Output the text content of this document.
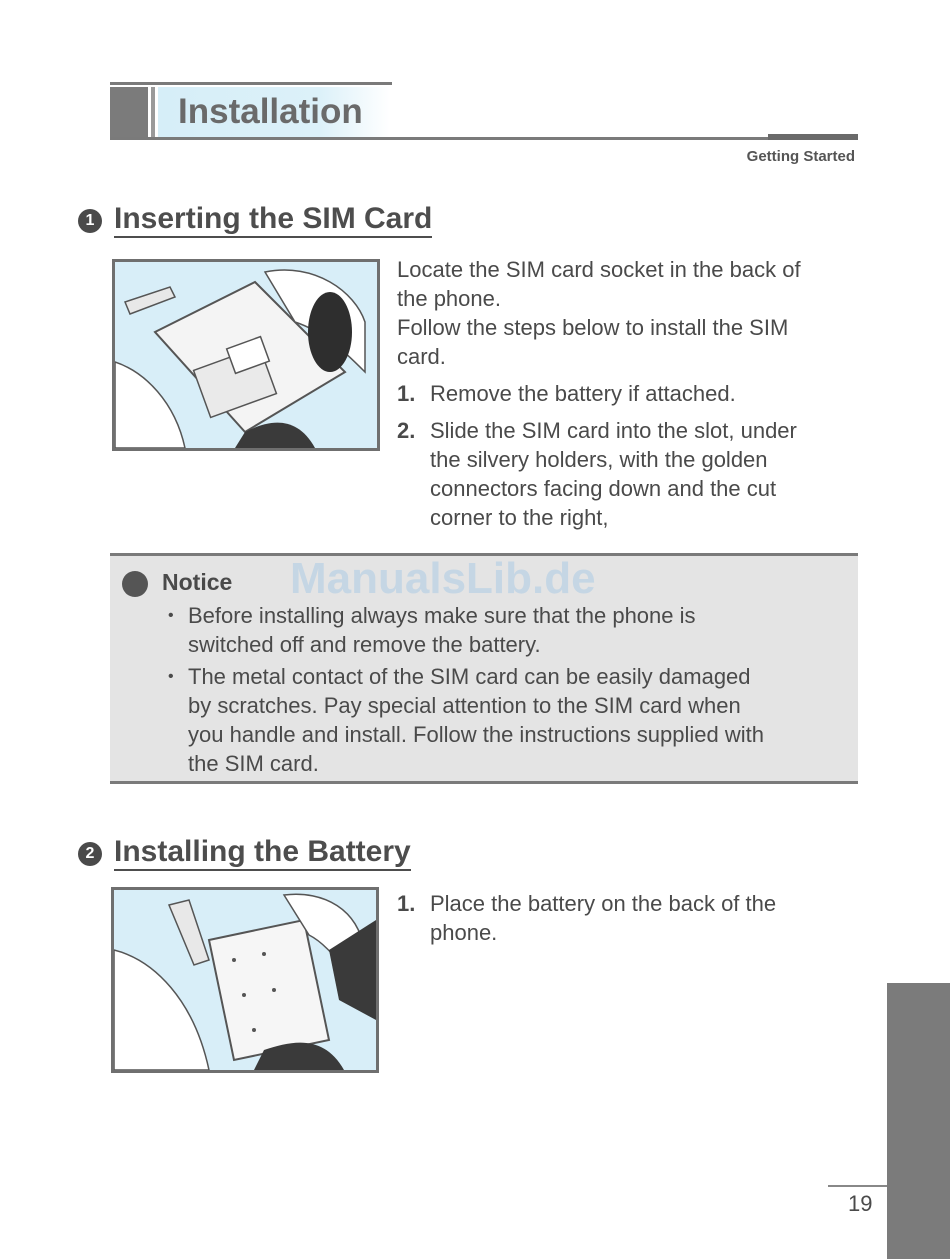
Installation
Getting Started
1 Inserting the SIM Card
Locate the SIM card socket in the back of
the phone.
Follow the steps below to install the SIM
card.
1. Remove the battery if attached.
2. Slide the SIM card into the slot, under
the silvery holders, with the golden
connectors facing down and the cut
corner to the right,
Notice
• Before installing always make sure that the phone is
switched off and remove the battery.
• The metal contact of the SIM card can be easily damaged
by scratches. Pay special attention to the SIM card when
you handle and install. Follow the instructions supplied with
the SIM card.
ManualsLib.de
2 Installing the Battery
1. Place the battery on the back of the
phone.
19
